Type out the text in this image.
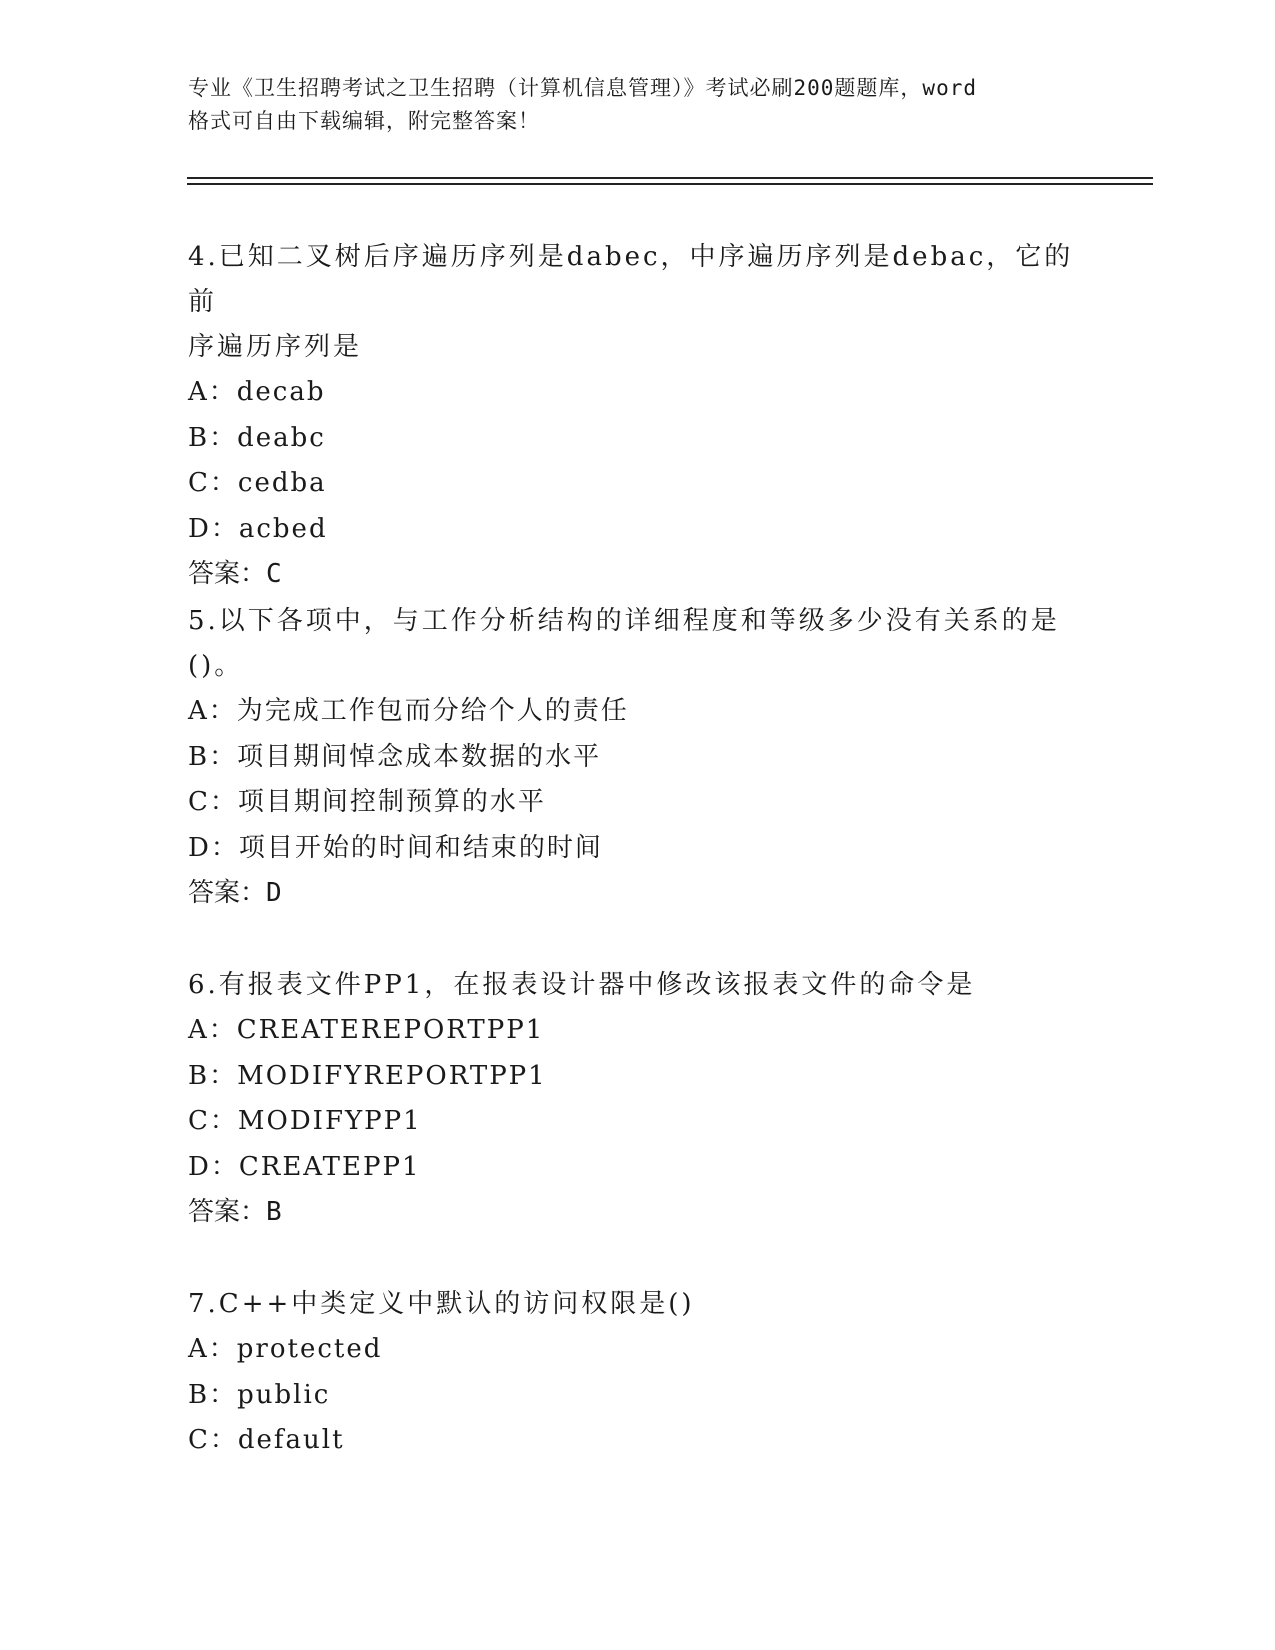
专业《卫生招聘考试之卫生招聘（计算机信息管理）》考试必刷200题题库，word
格式可自由下载编辑，附完整答案！
4.已知二叉树后序遍历序列是dabec，中序遍历序列是debac，它的前
序遍历序列是
A：decab
B：deabc
C：cedba
D：acbed
答案：C
5.以下各项中，与工作分析结构的详细程度和等级多少没有关系的是
()。
A：为完成工作包而分给个人的责任
B：项目期间悼念成本数据的水平
C：项目期间控制预算的水平
D：项目开始的时间和结束的时间
答案：D
6.有报表文件PP1，在报表设计器中修改该报表文件的命令是
A：CREATEREPORTPP1
B：MODIFYREPORTPP1
C：MODIFYPP1
D：CREATEPP1
答案：B
7.C++中类定义中默认的访问权限是()
A：protected
B：public
C：default
